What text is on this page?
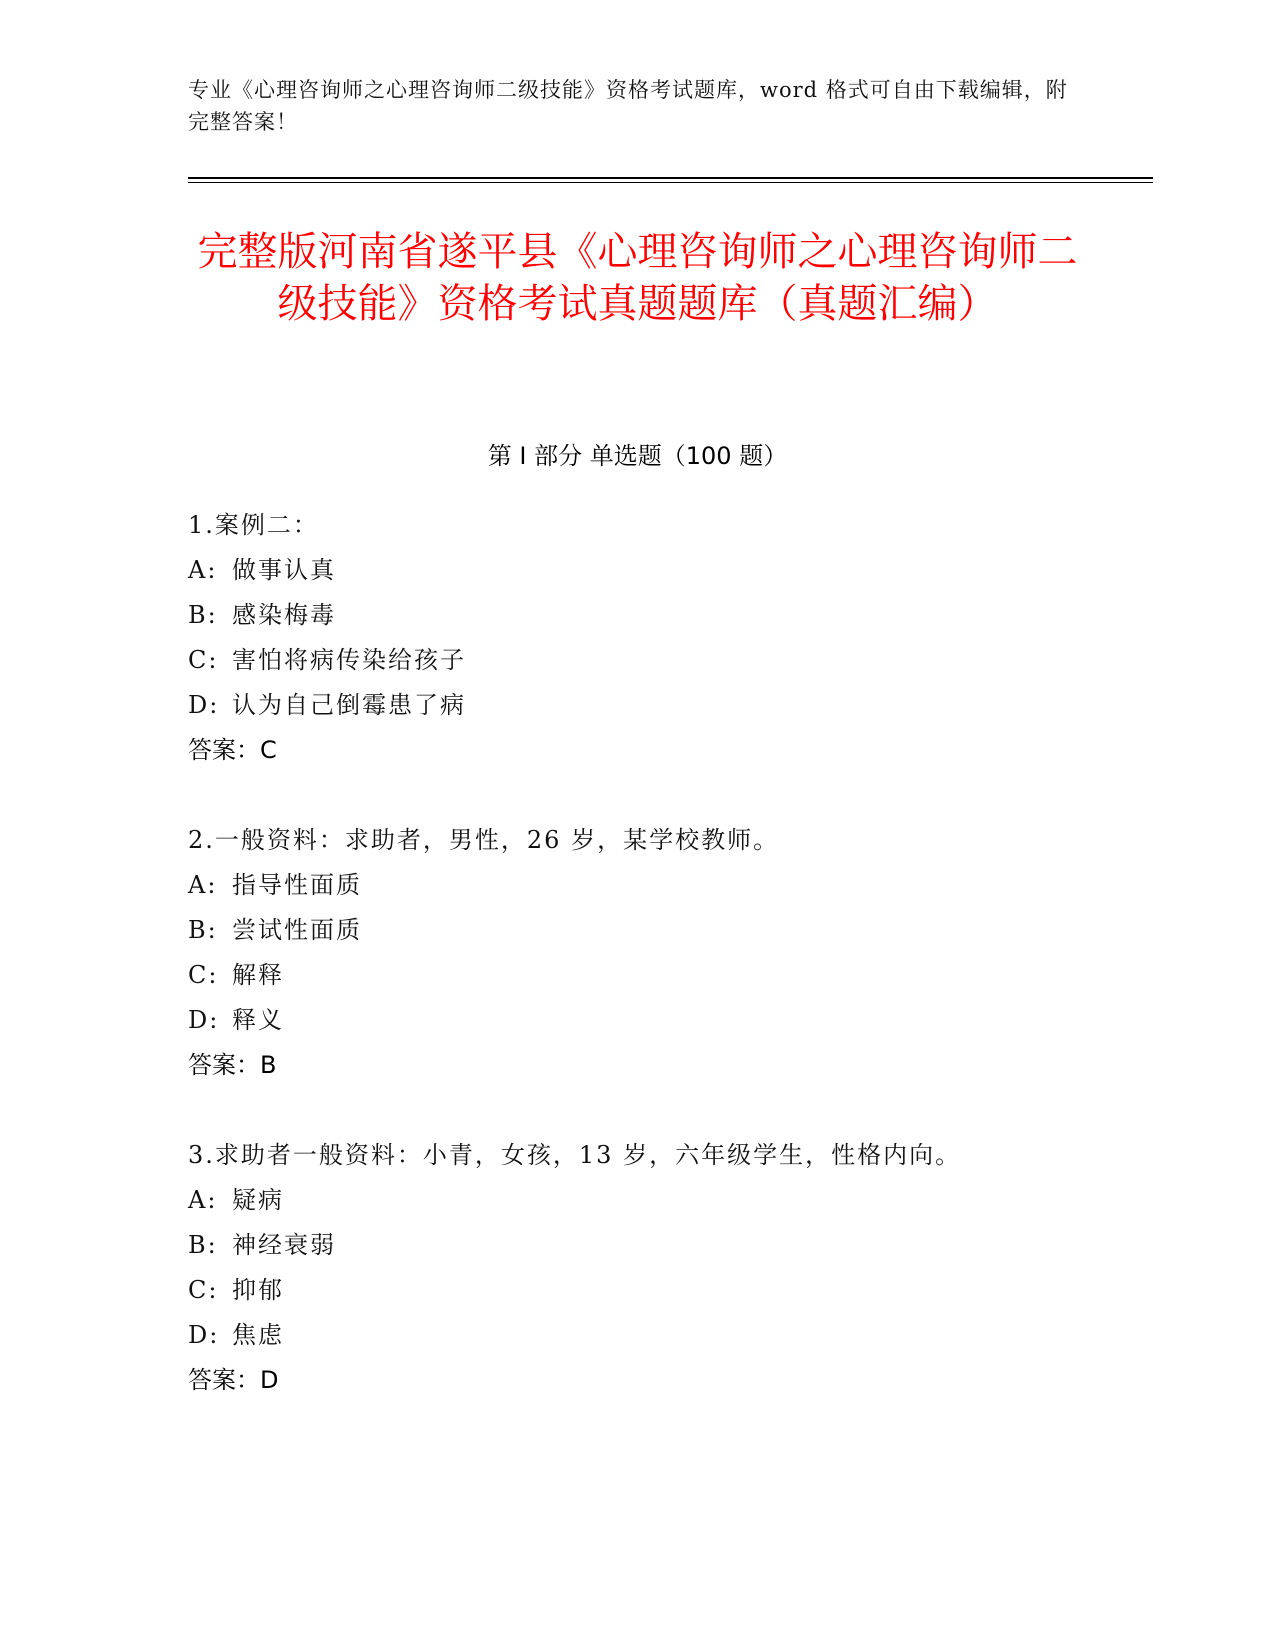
专业《心理咨询师之心理咨询师二级技能》资格考试题库，word 格式可自由下载编辑，附完整答案！
完整版河南省遂平县《心理咨询师之心理咨询师二级技能》资格考试真题题库（真题汇编）
第 I 部分 单选题（100 题）
1.案例二：
A: 做事认真
B: 感染梅毒
C: 害怕将病传染给孩子
D: 认为自己倒霉患了病
答案：C
2.一般资料：求助者，男性，26 岁，某学校教师。
A: 指导性面质
B: 尝试性面质
C: 解释
D: 释义
答案：B
3.求助者一般资料：小青，女孩，13 岁，六年级学生，性格内向。
A: 疑病
B: 神经衰弱
C: 抑郁
D: 焦虑
答案：D
